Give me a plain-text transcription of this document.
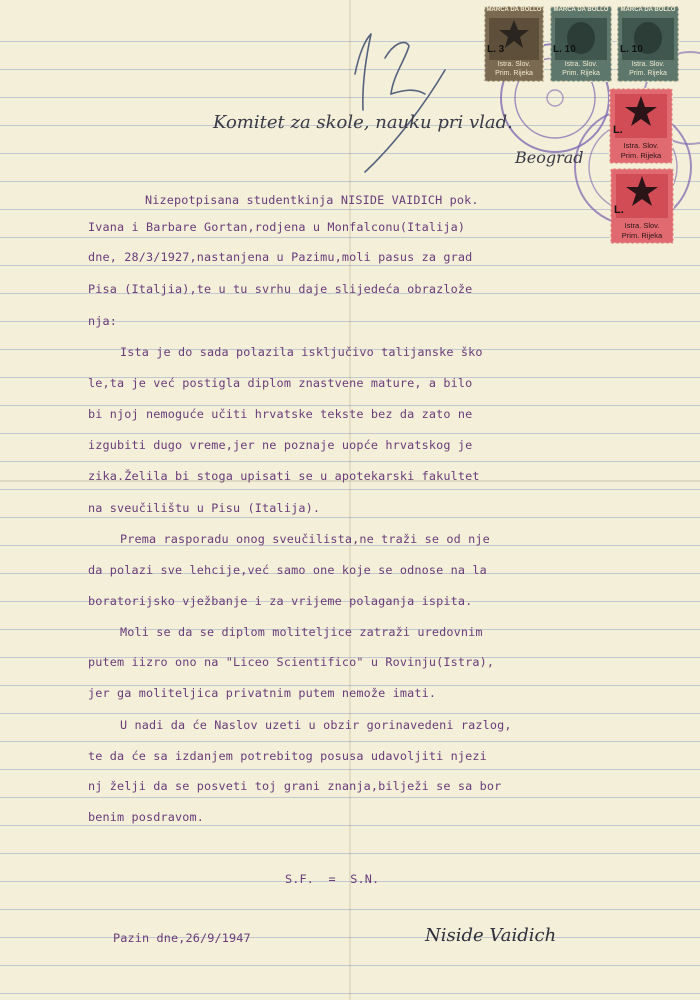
MARCA DA BOLLO
L. 3
Istra. Slov.
Prim. Rijeka
MARCA DA BOLLO
L. 10
Istra. Slov.
Prim. Rijeka
MARCA DA BOLLO
L. 10
Istra. Slov.
Prim. Rijeka
L.
Istra. Slov.
Prim. Rijeka
L.
Istra. Slov.
Prim. Rijeka
Komitet za skole, nauku pri vlad.
Beograd
Nizepotpisana studentkinja NISIDE VAIDICH pok.
Ivana i Barbare Gortan,rodjena u Monfalconu(Italija)
dne, 28/3/1927,nastanjena u Pazimu,moli pasus za grad
Pisa (Italjia),te u tu svrhu daje slijedeća obrazlože
nja:
Ista je do sada polazila isključivo talijanske ško
le,ta je već postigla diplom znastvene mature, a bilo
bi njoj nemoguće učiti hrvatske tekste bez da zato ne
izgubiti dugo vreme,jer ne poznaje uopće hrvatskog je
zika.Želila bi stoga upisati se u apotekarski fakultet
na sveučilištu u Pisu (Italija).
Prema rasporadu onog sveučilista,ne traži se od nje
da polazi sve lehcije,već samo one koje se odnose na la
boratorijsko vježbanje i za vrijeme polaganja ispita.
Moli se da se diplom moliteljice zatraži uredovnim
putem iizro ono na "Liceo Scientifico" u Rovinju(Istra),
jer ga moliteljica privatnim putem nemože imati.
U nadi da će Naslov uzeti u obzir gorinavedeni razlog,
te da će sa izdanjem potrebitog posusa udavoljiti njezi
nj želji da se posveti toj grani znanja,bilježi se sa bor
benim posdravom.
S.F.  =  S.N.
Pazin dne,26/9/1947	Niside Vaidich
